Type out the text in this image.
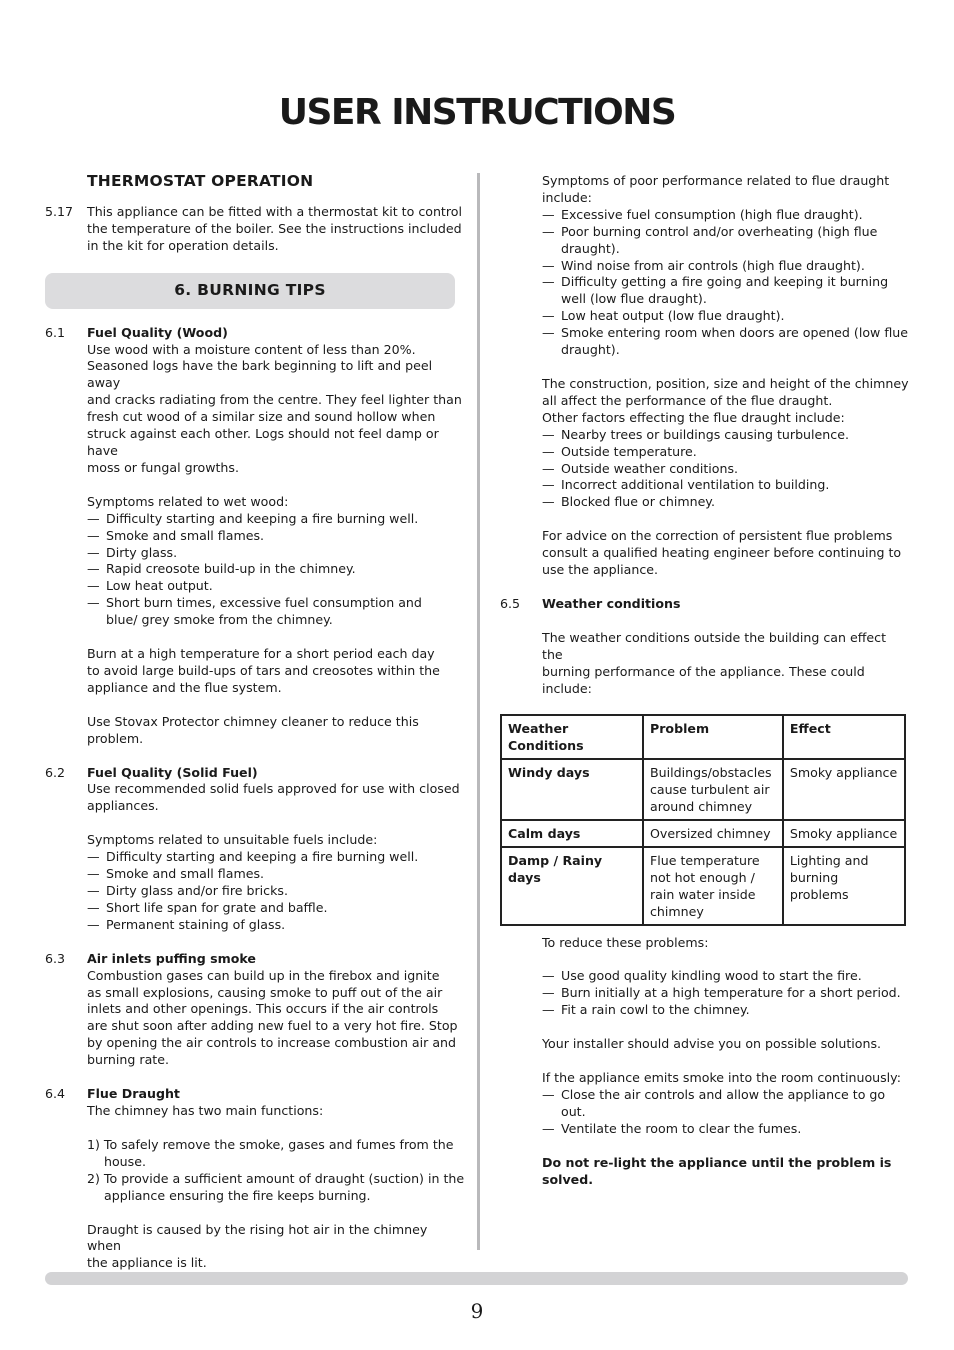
USER INSTRUCTIONS
THERMOSTAT OPERATION
5.17 This appliance can be fitted with a thermostat kit to control
the temperature of the boiler. See the instructions included
in the kit for operation details.
6. BURNING TIPS
6.1 Fuel Quality (Wood)
Use wood with a moisture content of less than 20%.
Seasoned logs have the bark beginning to lift and peel away
and cracks radiating from the centre. They feel lighter than
fresh cut wood of a similar size and sound hollow when
struck against each other. Logs should not feel damp or have
moss or fungal growths.
Symptoms related to wet wood:
— Difficulty starting and keeping a fire burning well.
— Smoke and small flames.
— Dirty glass.
— Rapid creosote build-up in the chimney.
— Low heat output.
— Short burn times, excessive fuel consumption and blue/ grey smoke from the chimney.
Burn at a high temperature for a short period each day
to avoid large build-ups of tars and creosotes within the
appliance and the flue system.
Use Stovax Protector chimney cleaner to reduce this
problem.
6.2 Fuel Quality (Solid Fuel)
Use recommended solid fuels approved for use with closed
appliances.
Symptoms related to unsuitable fuels include:
— Difficulty starting and keeping a fire burning well.
— Smoke and small flames.
— Dirty glass and/or fire bricks.
— Short life span for grate and baffle.
— Permanent staining of glass.
6.3 Air inlets puffing smoke
Combustion gases can build up in the firebox and ignite
as small explosions, causing smoke to puff out of the air
inlets and other openings. This occurs if the air controls
are shut soon after adding new fuel to a very hot fire. Stop
by opening the air controls to increase combustion air and
burning rate.
6.4 Flue Draught
The chimney has two main functions:
1) To safely remove the smoke, gases and fumes from the house.
2) To provide a sufficient amount of draught (suction) in the appliance ensuring the fire keeps burning.
Draught is caused by the rising hot air in the chimney when
the appliance is lit.
Symptoms of poor performance related to flue draught
include:
— Excessive fuel consumption (high flue draught).
— Poor burning control and/or overheating (high flue draught).
— Wind noise from air controls (high flue draught).
— Difficulty getting a fire going and keeping it burning well (low flue draught).
— Low heat output (low flue draught).
— Smoke entering room when doors are opened (low flue draught).
The construction, position, size and height of the chimney
all affect the performance of the flue draught.
Other factors effecting the flue draught include:
— Nearby trees or buildings causing turbulence.
— Outside temperature.
— Outside weather conditions.
— Incorrect additional ventilation to building.
— Blocked flue or chimney.
For advice on the correction of persistent flue problems
consult a qualified heating engineer before continuing to
use the appliance.
6.5 Weather conditions
The weather conditions outside the building can effect the
burning performance of the appliance. These could include:
Weather Conditions	Problem	Effect
Windy days	Buildings/obstacles cause turbulent air around chimney	Smoky appliance
Calm days	Oversized chimney	Smoky appliance
Damp / Rainy days	Flue temperature not hot enough / rain water inside chimney	Lighting and burning problems
To reduce these problems:
— Use good quality kindling wood to start the fire.
— Burn initially at a high temperature for a short period.
— Fit a rain cowl to the chimney.
Your installer should advise you on possible solutions.
If the appliance emits smoke into the room continuously:
— Close the air controls and allow the appliance to go out.
— Ventilate the room to clear the fumes.
Do not re-light the appliance until the problem is solved.
9
